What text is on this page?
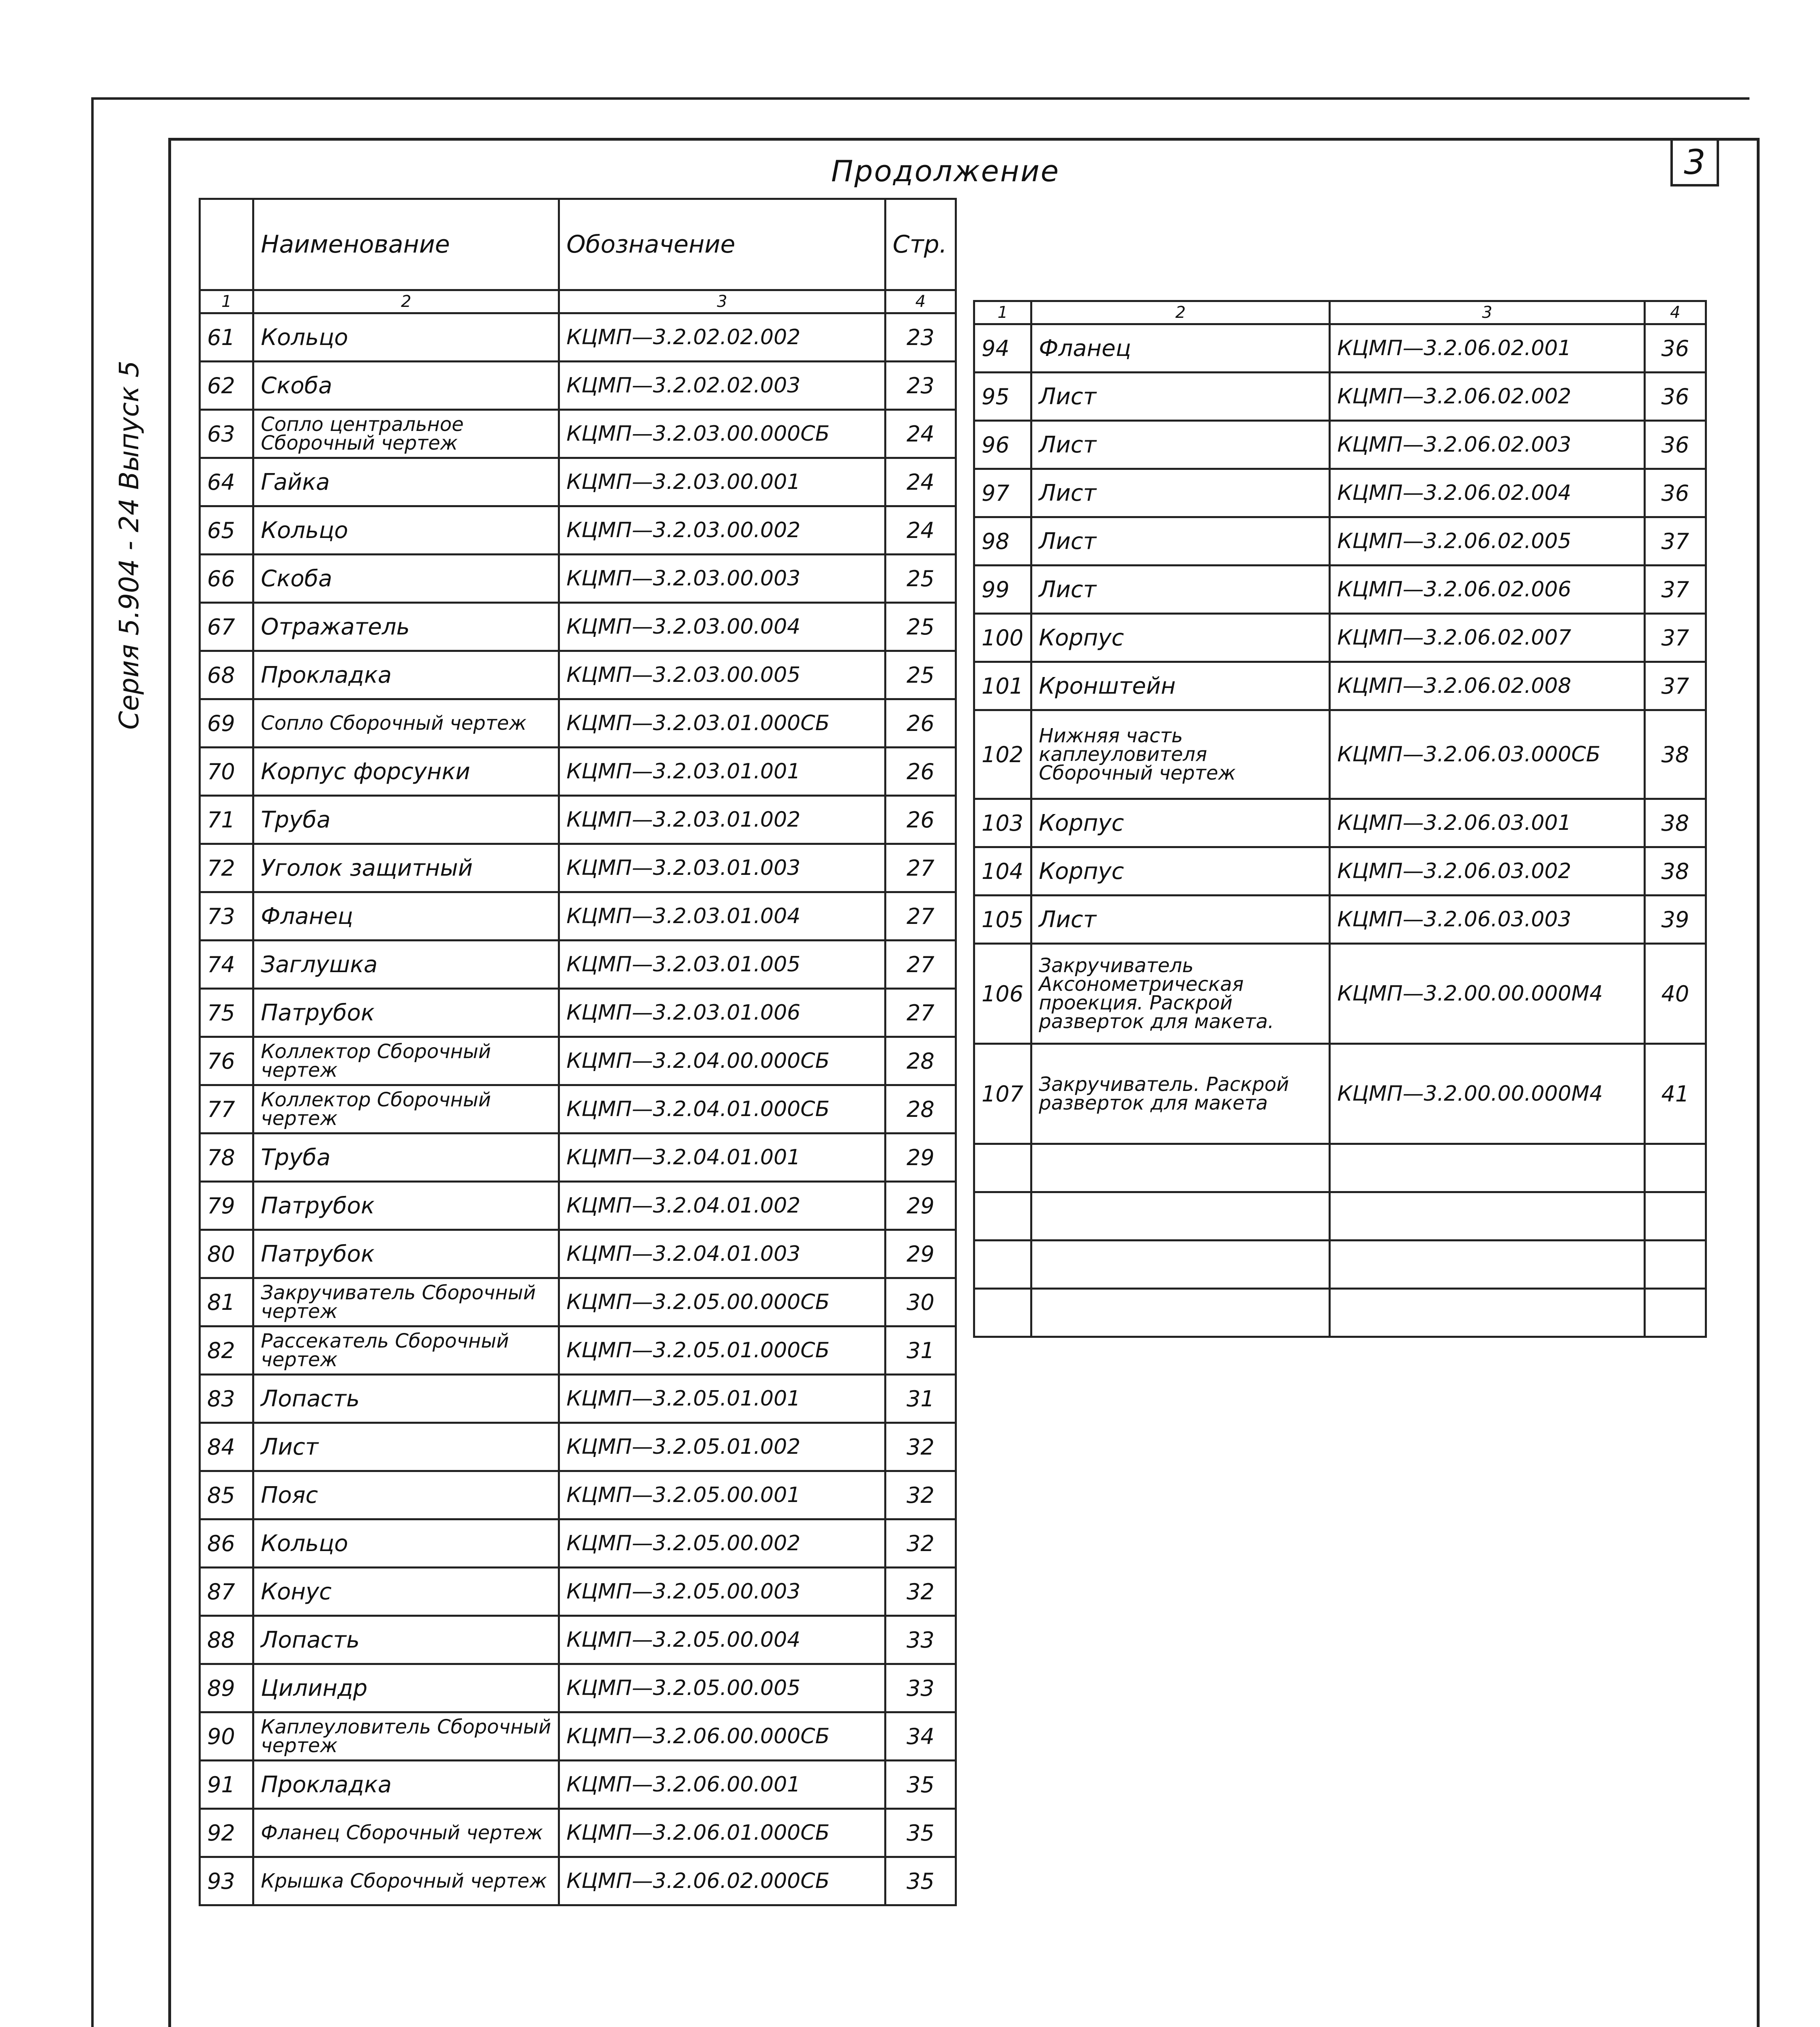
Серия 5.904 - 24 Выпуск 5
3
Продолжение
	Наименование	Обозначение	Стр.
1	2	3	4
61	Кольцо	КЦМП—3.2.02.02.002	23
62	Скоба	КЦМП—3.2.02.02.003	23
63	Сопло центральное Сборочный чертеж	КЦМП—3.2.03.00.000СБ	24
64	Гайка	КЦМП—3.2.03.00.001	24
65	Кольцо	КЦМП—3.2.03.00.002	24
66	Скоба	КЦМП—3.2.03.00.003	25
67	Отражатель	КЦМП—3.2.03.00.004	25
68	Прокладка	КЦМП—3.2.03.00.005	25
69	Сопло Сборочный чертеж	КЦМП—3.2.03.01.000СБ	26
70	Корпус форсунки	КЦМП—3.2.03.01.001	26
71	Труба	КЦМП—3.2.03.01.002	26
72	Уголок защитный	КЦМП—3.2.03.01.003	27
73	Фланец	КЦМП—3.2.03.01.004	27
74	Заглушка	КЦМП—3.2.03.01.005	27
75	Патрубок	КЦМП—3.2.03.01.006	27
76	Коллектор Сборочный чертеж	КЦМП—3.2.04.00.000СБ	28
77	Коллектор Сборочный чертеж	КЦМП—3.2.04.01.000СБ	28
78	Труба	КЦМП—3.2.04.01.001	29
79	Патрубок	КЦМП—3.2.04.01.002	29
80	Патрубок	КЦМП—3.2.04.01.003	29
81	Закручиватель Сборочный чертеж	КЦМП—3.2.05.00.000СБ	30
82	Рассекатель Сборочный чертеж	КЦМП—3.2.05.01.000СБ	31
83	Лопасть	КЦМП—3.2.05.01.001	31
84	Лист	КЦМП—3.2.05.01.002	32
85	Пояс	КЦМП—3.2.05.00.001	32
86	Кольцо	КЦМП—3.2.05.00.002	32
87	Конус	КЦМП—3.2.05.00.003	32
88	Лопасть	КЦМП—3.2.05.00.004	33
89	Цилиндр	КЦМП—3.2.05.00.005	33
90	Каплеуловитель Сборочный чертеж	КЦМП—3.2.06.00.000СБ	34
91	Прокладка	КЦМП—3.2.06.00.001	35
92	Фланец Сборочный чертеж	КЦМП—3.2.06.01.000СБ	35
93	Крышка Сборочный чертеж	КЦМП—3.2.06.02.000СБ	35
1	2	3	4
94	Фланец	КЦМП—3.2.06.02.001	36
95	Лист	КЦМП—3.2.06.02.002	36
96	Лист	КЦМП—3.2.06.02.003	36
97	Лист	КЦМП—3.2.06.02.004	36
98	Лист	КЦМП—3.2.06.02.005	37
99	Лист	КЦМП—3.2.06.02.006	37
100	Корпус	КЦМП—3.2.06.02.007	37
101	Кронштейн	КЦМП—3.2.06.02.008	37
102	Нижняя часть каплеуловителя Сборочный чертеж	КЦМП—3.2.06.03.000СБ	38
103	Корпус	КЦМП—3.2.06.03.001	38
104	Корпус	КЦМП—3.2.06.03.002	38
105	Лист	КЦМП—3.2.06.03.003	39
106	Закручиватель Аксонометрическая проекция. Раскрой разверток для макета.	КЦМП—3.2.00.00.000М4	40
107	Закручиватель. Раскрой разверток для макета	КЦМП—3.2.00.00.000М4	41
